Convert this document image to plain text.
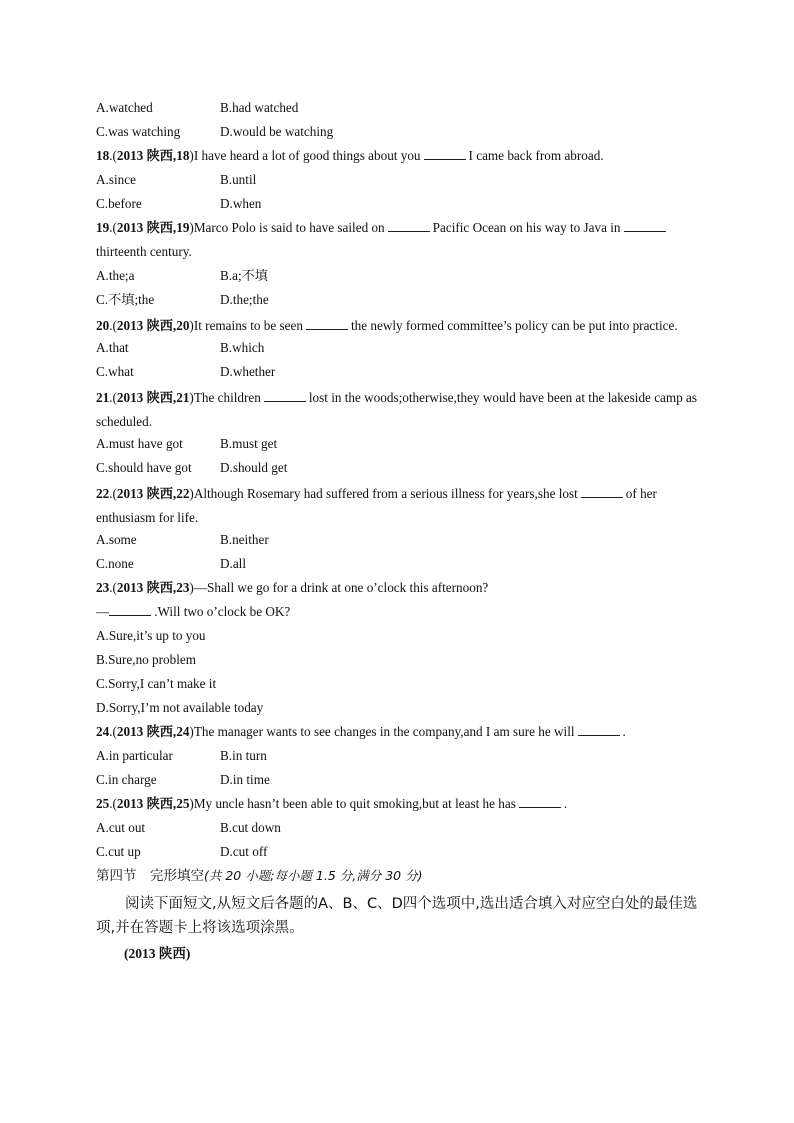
A.watched	B.had watched
C.was watching	D.would be watching
18.(2013 陕西,18)I have heard a lot of good things about you	I came back from abroad.
A.since	B.until
C.before	D.when
19.(2013 陕西,19)Marco Polo is said to have sailed on	Pacific Ocean on his way to Java in
thirteenth century.
A.the;a	B.a;不填
C.不填;the	D.the;the
20.(2013 陕西,20)It remains to be seen	the newly formed committee’s policy can be put into practice.
A.that	B.which
C.what	D.whether
21.(2013 陕西,21)The children	lost in the woods;otherwise,they would have been at the lakeside camp as scheduled.
A.must have got	B.must get
C.should have got D.should get
22.(2013 陕西,22)Although Rosemary had suffered from a serious illness for years,she lost	of her enthusiasm for life.
A.some	B.neither
C.none	D.all
23.(2013 陕西,23)—Shall we go for a drink at one o’clock this afternoon?
—	.Will two o’clock be OK?
A.Sure,it’s up to you
B.Sure,no problem
C.Sorry,I can’t make it
D.Sorry,I’m not available today
24.(2013 陕西,24)The manager wants to see changes in the company,and I am sure he will	.
A.in particular	B.in turn
C.in charge	D.in time
25.(2013 陕西,25)My uncle hasn’t been able to quit smoking,but at least he has	.
A.cut out	B.cut down
C.cut up	D.cut off
第四节　完形填空(共 20 小题;每小题 1.5 分,满分 30 分)
阅读下面短文,从短文后各题的A、B、C、D四个选项中,选出适合填入对应空白处的最佳选项,并在答题卡上将该选项涂黑。
(2013 陕西)
